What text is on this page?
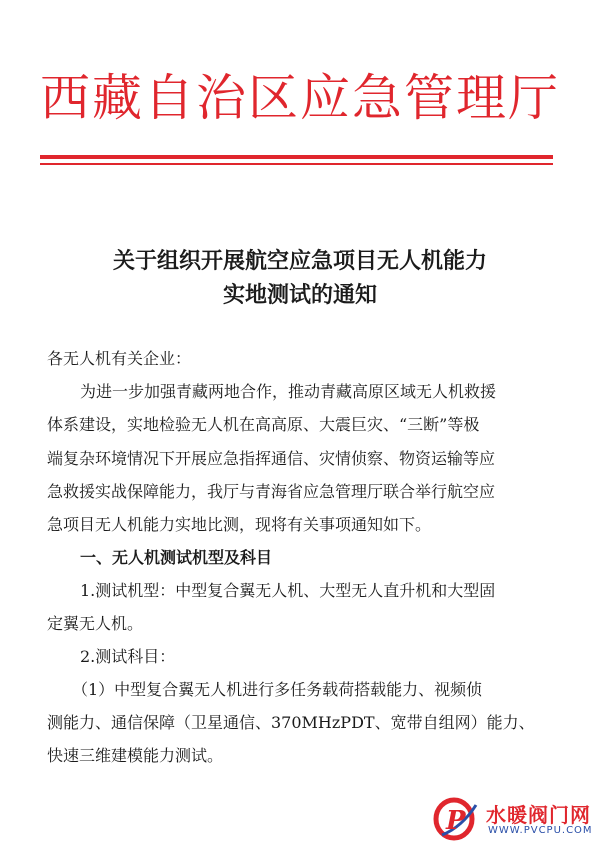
西藏自治区应急管理厅
关于组织开展航空应急项目无人机能力
实地测试的通知
各无人机有关企业：
为进一步加强青藏两地合作，推动青藏高原区域无人机救援
体系建设，实地检验无人机在高高原、大震巨灾、“三断”等极
端复杂环境情况下开展应急指挥通信、灾情侦察、物资运输等应
急救援实战保障能力，我厅与青海省应急管理厅联合举行航空应
急项目无人机能力实地比测，现将有关事项通知如下。
一、无人机测试机型及科目
1.测试机型：中型复合翼无人机、大型无人直升机和大型固
定翼无人机。
2.测试科目：
（1）中型复合翼无人机进行多任务载荷搭载能力、视频侦
测能力、通信保障（卫星通信、370MHzPDT、宽带自组网）能力、
快速三维建模能力测试。
P 水暖阀门网
WWW.PVCPU.COM
